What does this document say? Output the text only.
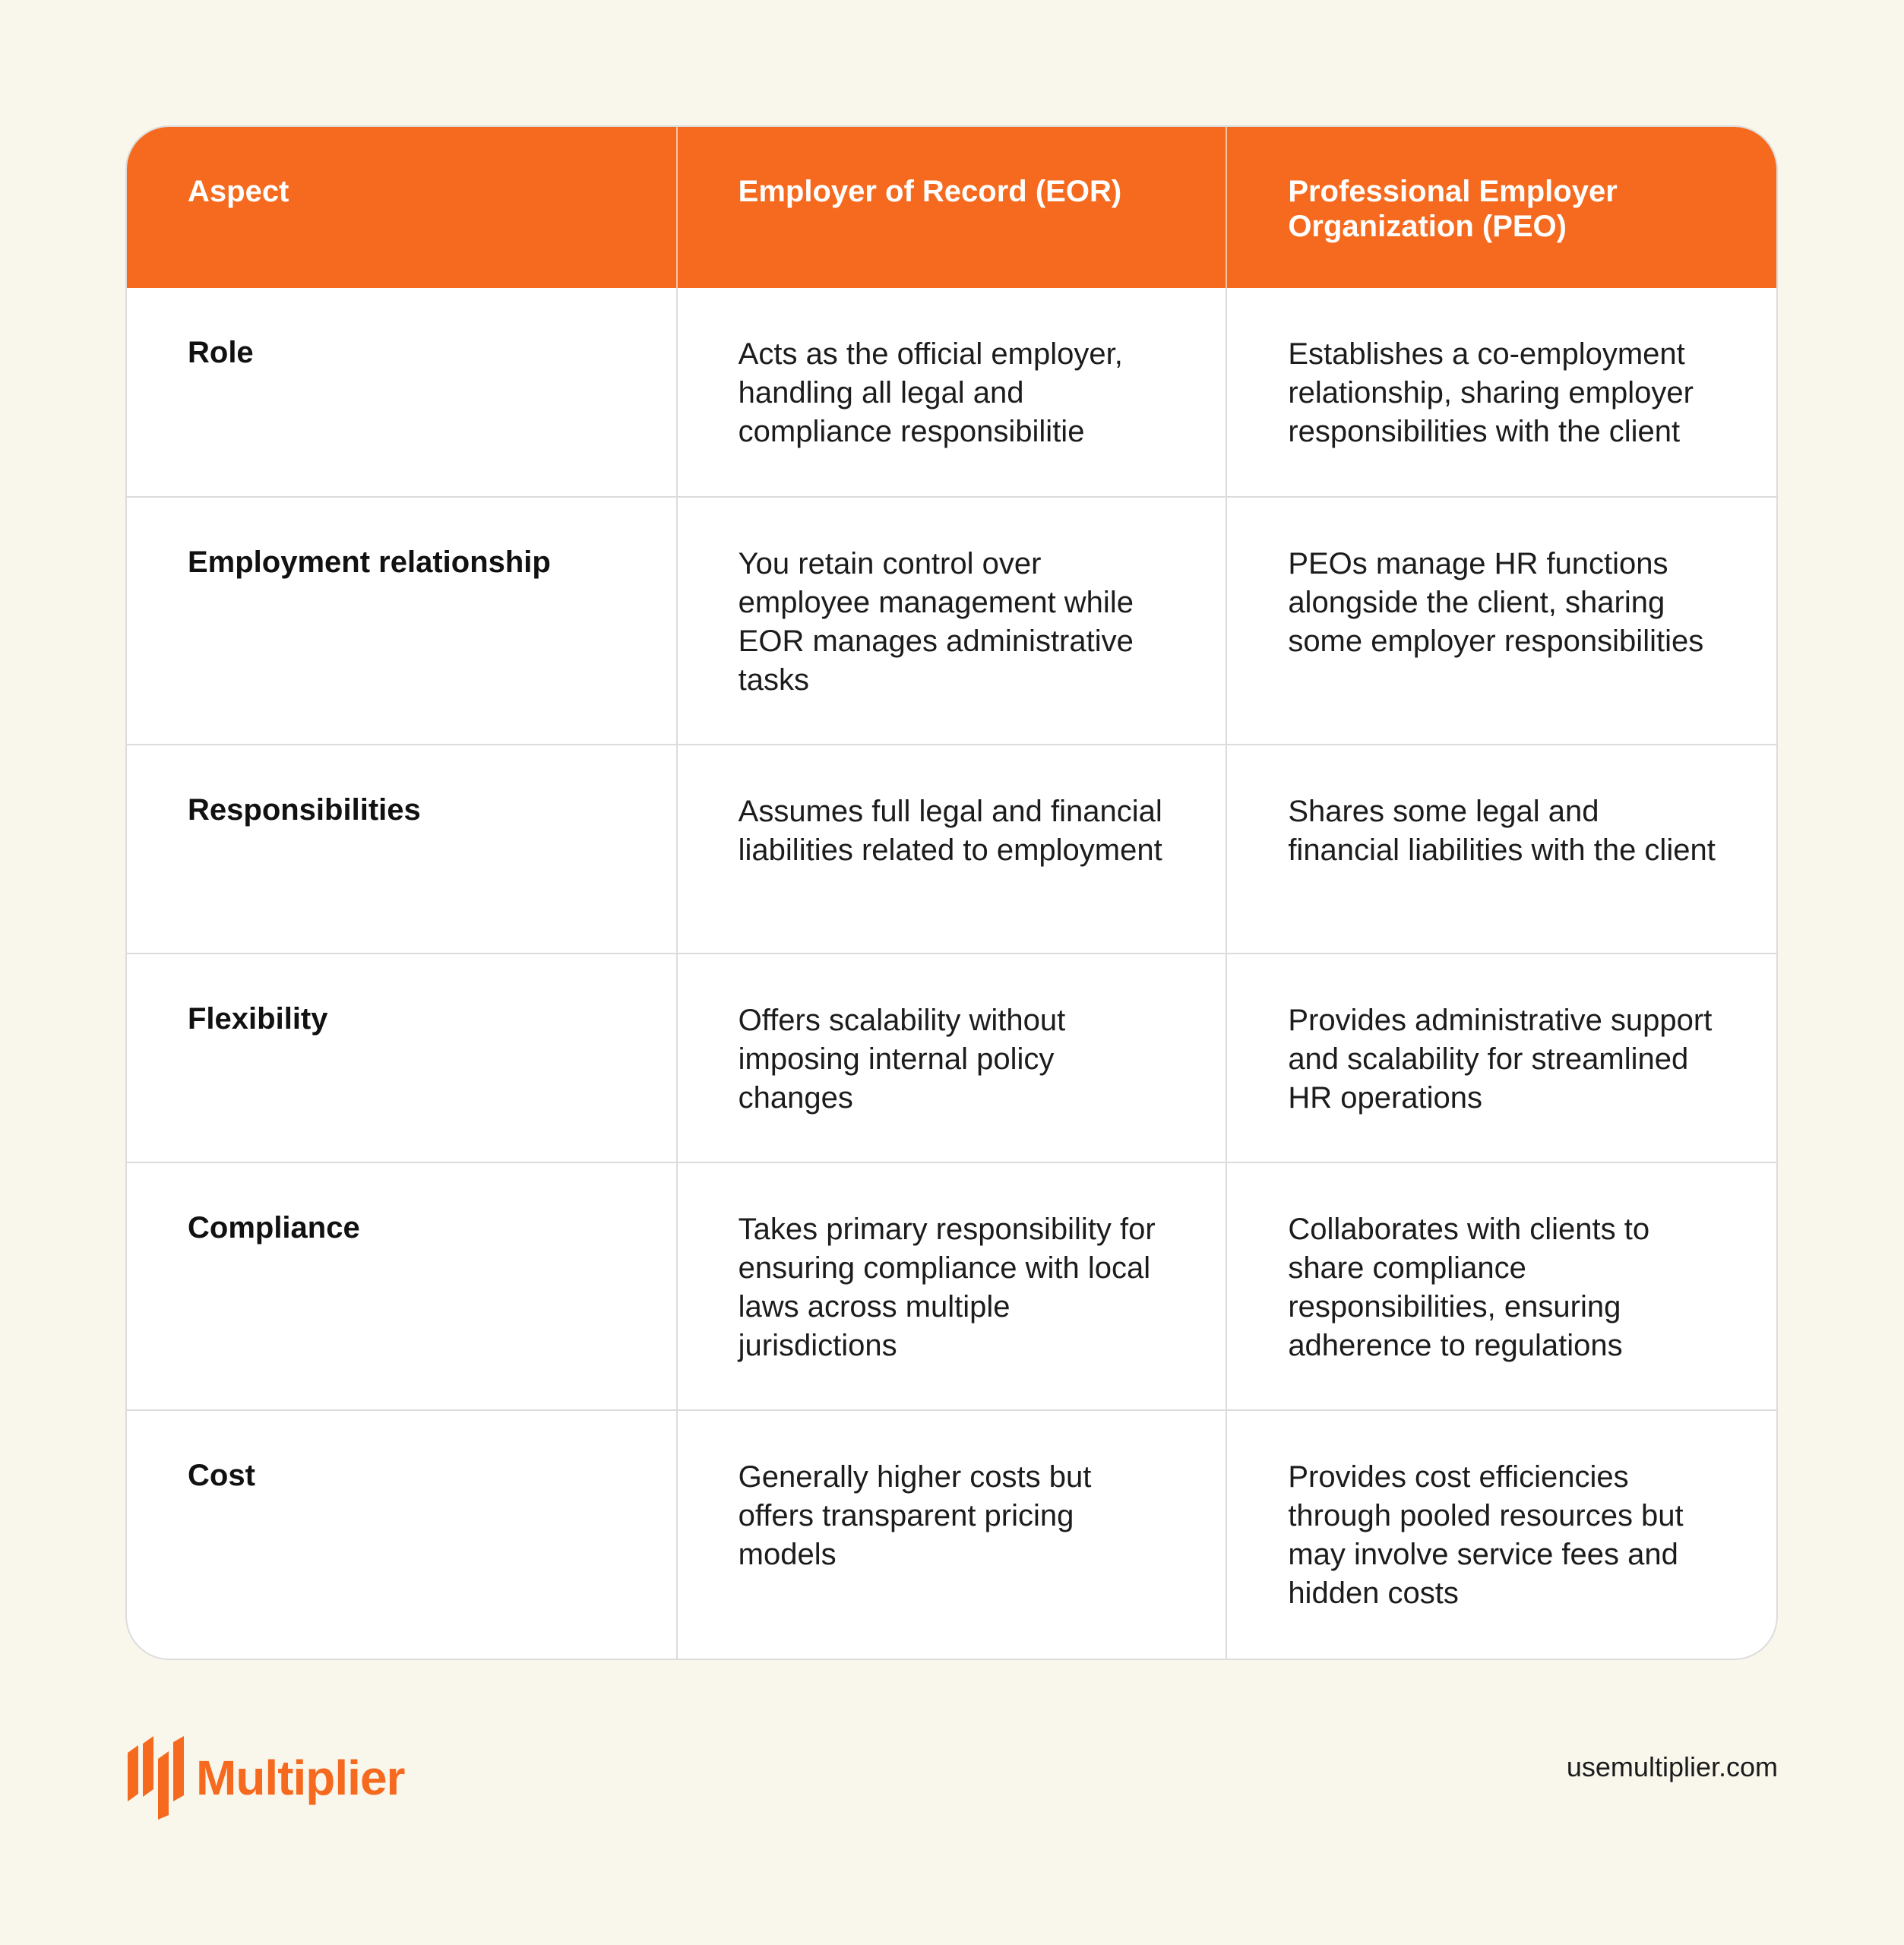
Aspect	Employer of Record (EOR)	Professional Employer Organization (PEO)
Role	Acts as the official employer, handling all legal and compliance responsibilitie	Establishes a co-employment relationship, sharing employer responsibilities with the client
Employment relationship	You retain control over employee management while EOR manages administrative tasks	PEOs manage HR functions alongside the client, sharing some employer responsibilities
Responsibilities	Assumes full legal and financial liabilities related to employment	Shares some legal and financial liabilities with the client
Flexibility	Offers scalability without imposing internal policy changes	Provides administrative support and scalability for streamlined HR operations
Compliance	Takes primary responsibility for ensuring compliance with local laws across multiple jurisdictions	Collaborates with clients to share compliance responsibilities, ensuring adherence to regulations
Cost	Generally higher costs but offers transparent pricing models	Provides cost efficiencies through pooled resources but may involve service fees and hidden costs
Multiplier	usemultiplier.com
